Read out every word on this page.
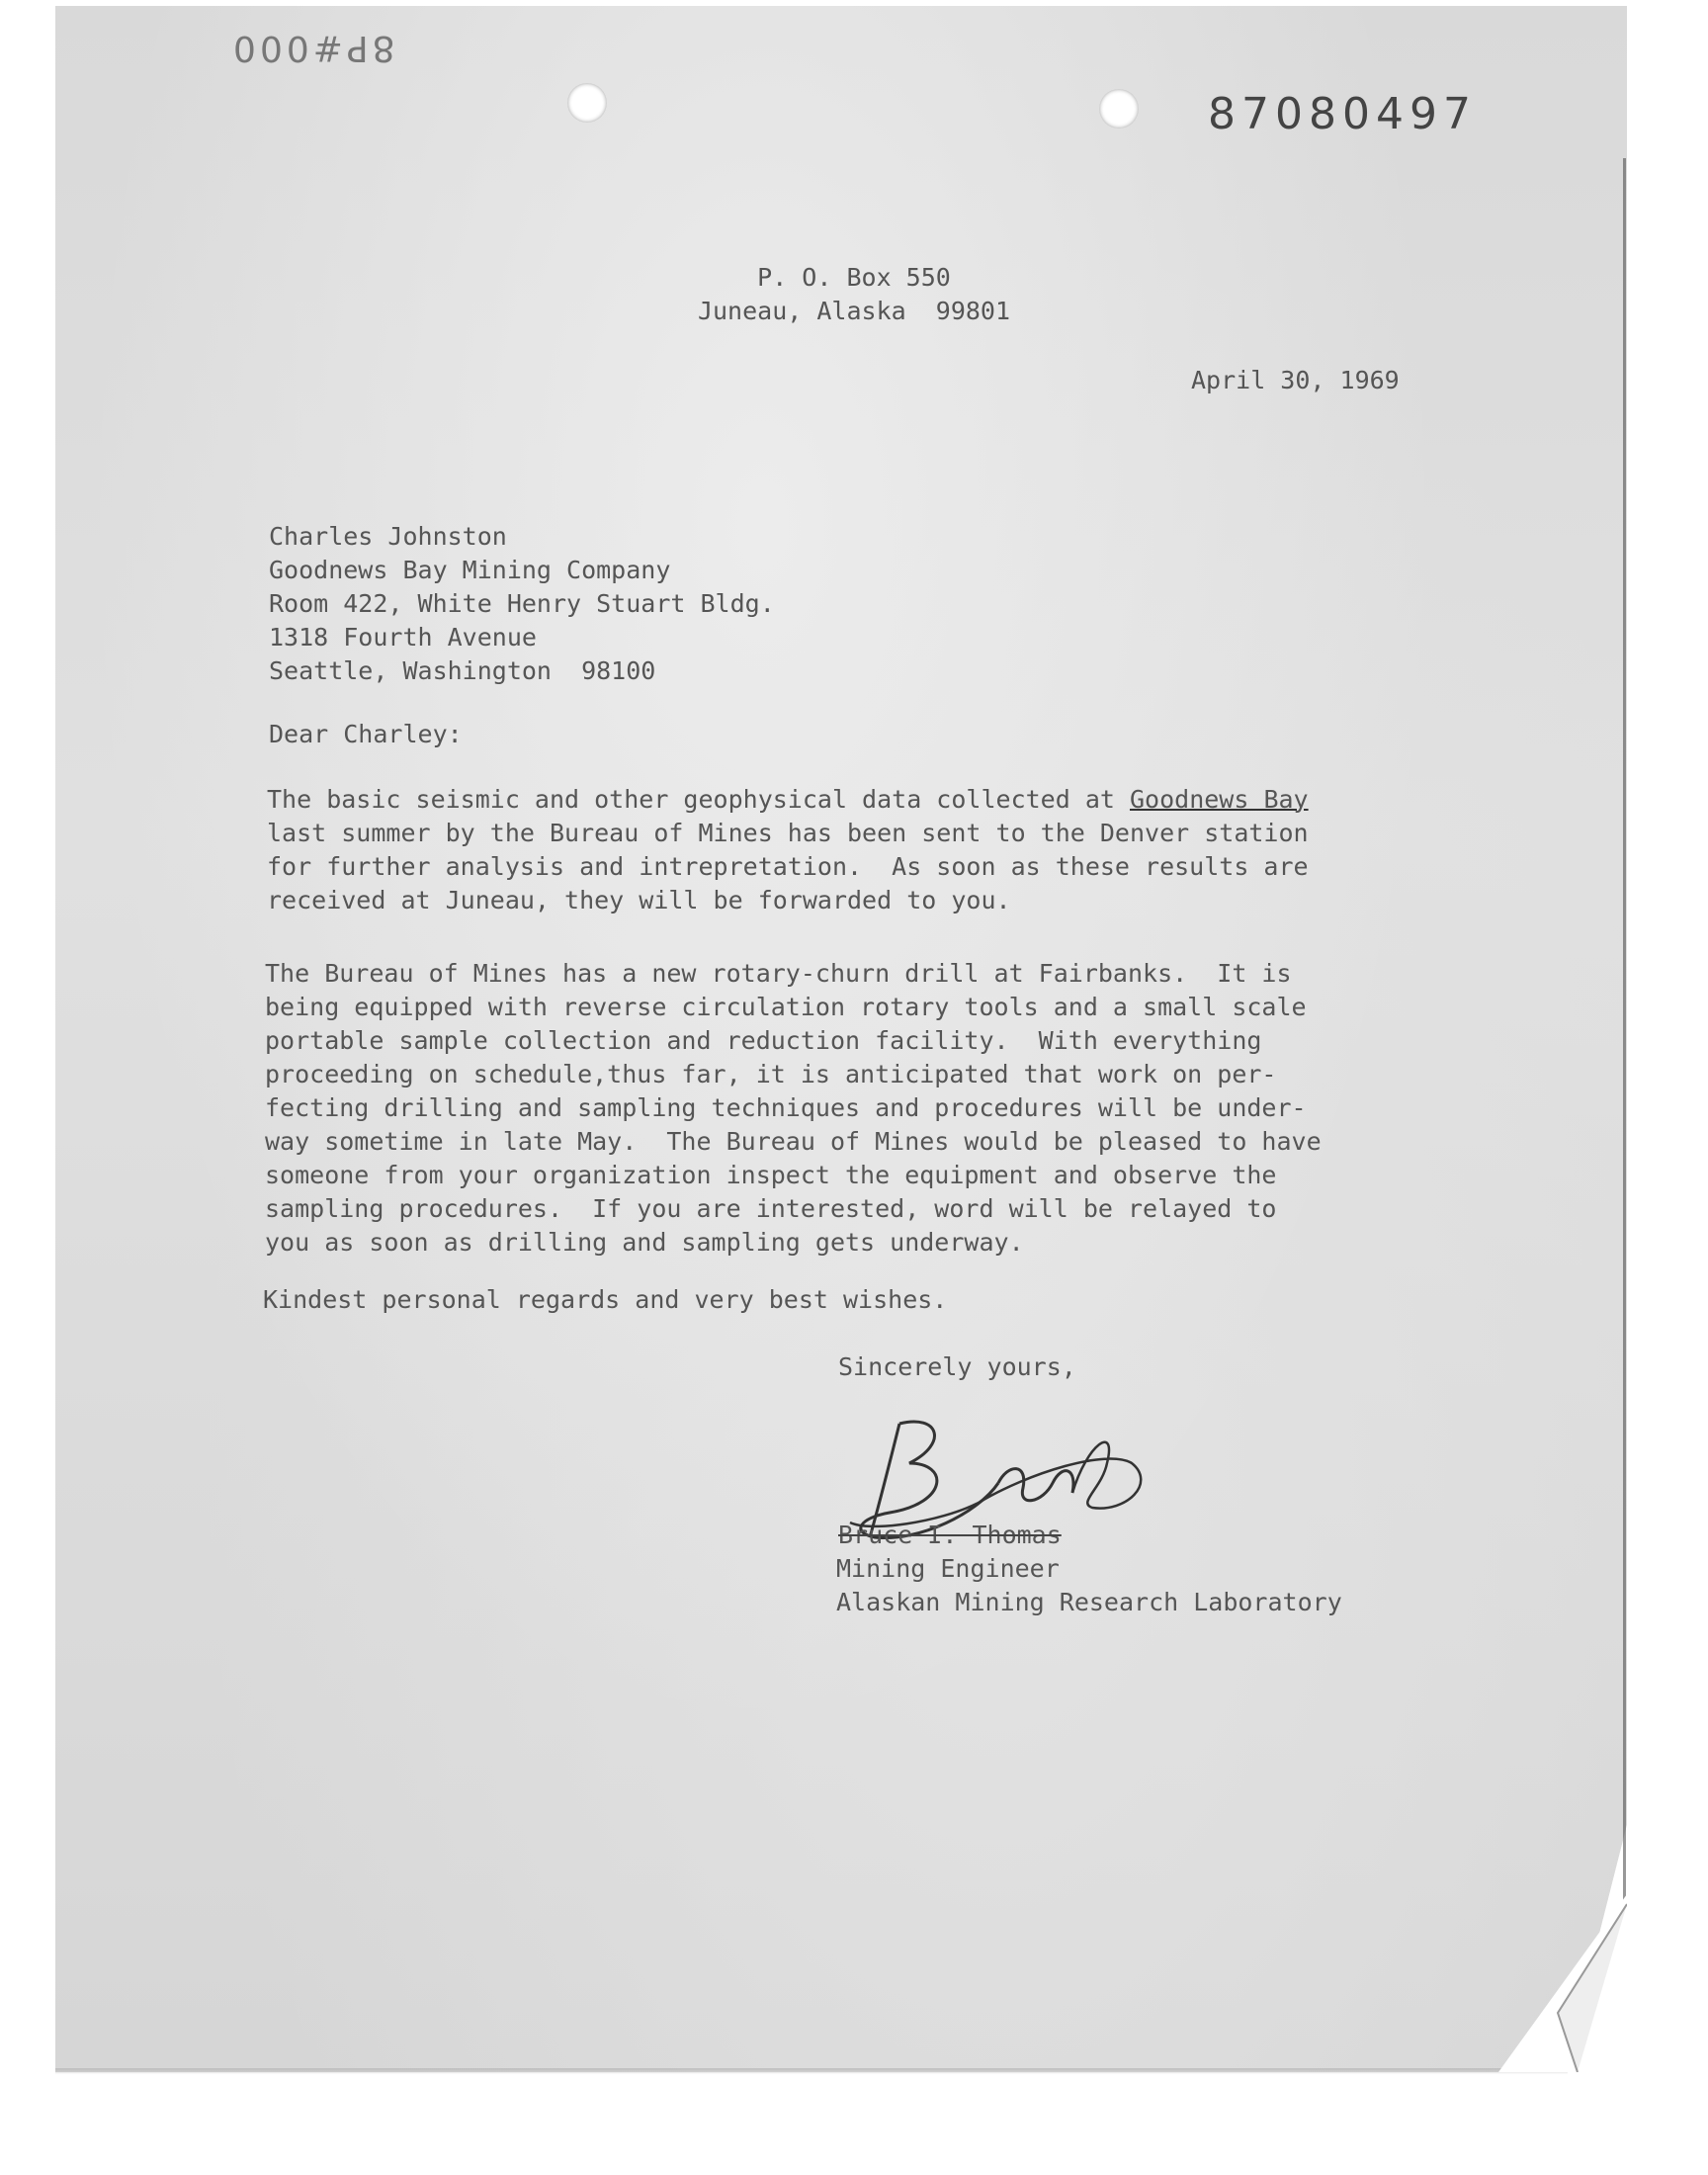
8P#000
87080497
P. O. Box 550
Juneau, Alaska  99801
April 30, 1969
Charles Johnston
Goodnews Bay Mining Company
Room 422, White Henry Stuart Bldg.
1318 Fourth Avenue
Seattle, Washington  98100
Dear Charley:
The basic seismic and other geophysical data collected at Goodnews Bay
last summer by the Bureau of Mines has been sent to the Denver station
for further analysis and intrepretation.  As soon as these results are
received at Juneau, they will be forwarded to you.
The Bureau of Mines has a new rotary-churn drill at Fairbanks.  It is
being equipped with reverse circulation rotary tools and a small scale
portable sample collection and reduction facility.  With everything
proceeding on schedule,thus far, it is anticipated that work on per-
fecting drilling and sampling techniques and procedures will be under-
way sometime in late May.  The Bureau of Mines would be pleased to have
someone from your organization inspect the equipment and observe the
sampling procedures.  If you are interested, word will be relayed to
you as soon as drilling and sampling gets underway.
Kindest personal regards and very best wishes.
Sincerely yours,
Bruce I. Thomas
Mining Engineer
Alaskan Mining Research Laboratory
